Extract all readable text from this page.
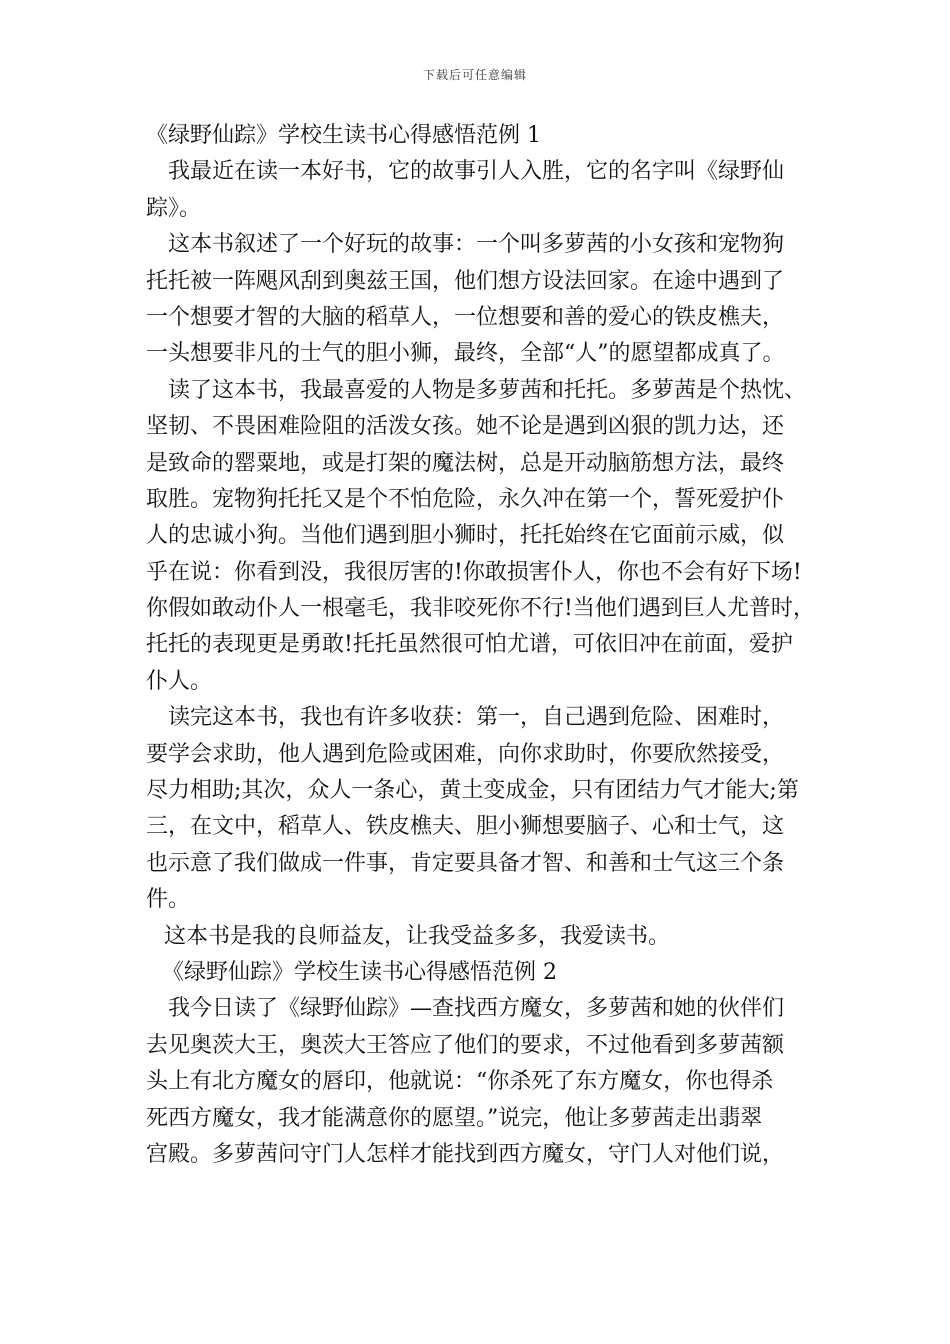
下载后可任意编辑
《绿野仙踪》学校生读书心得感悟范例 1
我最近在读一本好书，它的故事引人入胜，它的名字叫《绿野仙
踪》。
这本书叙述了一个好玩的故事：一个叫多萝茜的小女孩和宠物狗
托托被一阵飓风刮到奥兹王国，他们想方设法回家。在途中遇到了
一个想要才智的大脑的稻草人，一位想要和善的爱心的铁皮樵夫，
一头想要非凡的士气的胆小狮，最终，全部“人”的愿望都成真了。
读了这本书，我最喜爱的人物是多萝茜和托托。多萝茜是个热忱、
坚韧、不畏困难险阻的活泼女孩。她不论是遇到凶狠的凯力达，还
是致命的罂粟地，或是打架的魔法树，总是开动脑筋想方法，最终
取胜。宠物狗托托又是个不怕危险，永久冲在第一个，誓死爱护仆
人的忠诚小狗。当他们遇到胆小狮时，托托始终在它面前示威，似
乎在说：你看到没，我很厉害的!你敢损害仆人，你也不会有好下场!
你假如敢动仆人一根毫毛，我非咬死你不行!当他们遇到巨人尤普时，
托托的表现更是勇敢!托托虽然很可怕尤谱，可依旧冲在前面，爱护
仆人。
读完这本书，我也有许多收获：第一，自己遇到危险、困难时，
要学会求助，他人遇到危险或困难，向你求助时，你要欣然接受，
尽力相助;其次，众人一条心，黄土变成金，只有团结力气才能大;第
三，在文中，稻草人、铁皮樵夫、胆小狮想要脑子、心和士气，这
也示意了我们做成一件事，肯定要具备才智、和善和士气这三个条
件。
这本书是我的良师益友，让我受益多多，我爱读书。
《绿野仙踪》学校生读书心得感悟范例 2
我今日读了《绿野仙踪》—查找西方魔女，多萝茜和她的伙伴们
去见奥茨大王，奥茨大王答应了他们的要求，不过他看到多萝茜额
头上有北方魔女的唇印，他就说：“你杀死了东方魔女，你也得杀
死西方魔女，我才能满意你的愿望。”说完，他让多萝茜走出翡翠
宫殿。多萝茜问守门人怎样才能找到西方魔女，守门人对他们说，
